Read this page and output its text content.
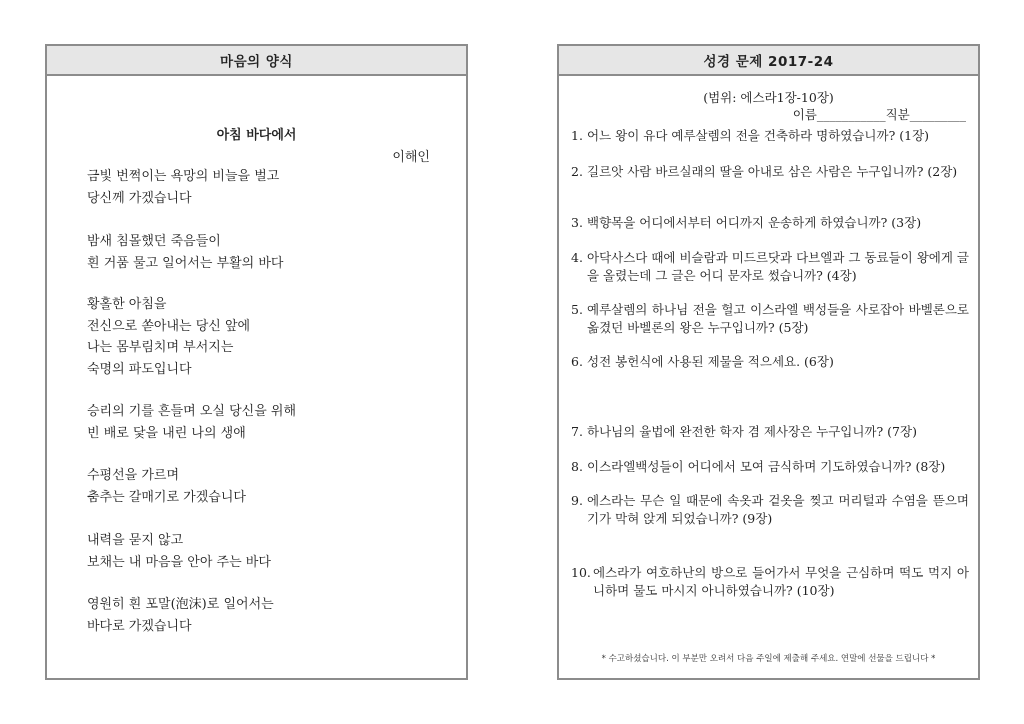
마음의 양식
아침 바다에서
이해인
금빛 번쩍이는 욕망의 비늘을 벌고
당신께 가겠습니다
밤새 침몰했던 죽음들이
흰 거품 물고 일어서는 부활의 바다
황홀한 아침을
전신으로 쏟아내는 당신 앞에
나는 몸부림치며 부서지는
숙명의 파도입니다
승리의 기를 흔들며 오실 당신을 위해
빈 배로 닻을 내린 나의 생애
수평선을 가르며
춤추는 갈매기로 가겠습니다
내력을 묻지 않고
보채는 내 마음을 안아 주는 바다
영원히 흰 포말(泡沫)로 일어서는
바다로 가겠습니다
성경 문제 2017-24
(범위: 에스라1장-10장)
이름___________직분_________
1. 어느 왕이 유다 예루살렘의 전을 건축하라 명하였습니까? (1장)
2. 길르앗 사람 바르실래의 딸을 아내로 삼은 사람은 누구입니까? (2장)
3. 백향목을 어디에서부터 어디까지 운송하게 하였습니까? (3장)
4. 아닥사스다 때에 비슬람과 미드르닷과 다브엘과 그 동료들이 왕에게 글을 올렸는데 그 글은 어디 문자로 썼습니까? (4장)
5. 예루살렘의 하나님 전을 헐고 이스라엘 백성들을 사로잡아 바벨론으로 옮겼던 바벨론의 왕은 누구입니까? (5장)
6. 성전 봉헌식에 사용된 제물을 적으세요. (6장)
7. 하나님의 율법에 완전한 학자 겸 제사장은 누구입니까? (7장)
8. 이스라엘백성들이 어디에서 모여 금식하며 기도하였습니까? (8장)
9. 에스라는 무슨 일 때문에 속옷과 겉옷을 찢고 머리털과 수염을 뜯으며 기가 막혀 앉게 되었습니까? (9장)
10. 에스라가 여호하난의 방으로 들어가서 무엇을 근심하며 떡도 먹지 아니하며 물도 마시지 아니하였습니까? (10장)
* 수고하셨습니다. 이 부분만 오려서 다음 주일에 제출해 주세요. 연말에 선물을 드립니다 *
